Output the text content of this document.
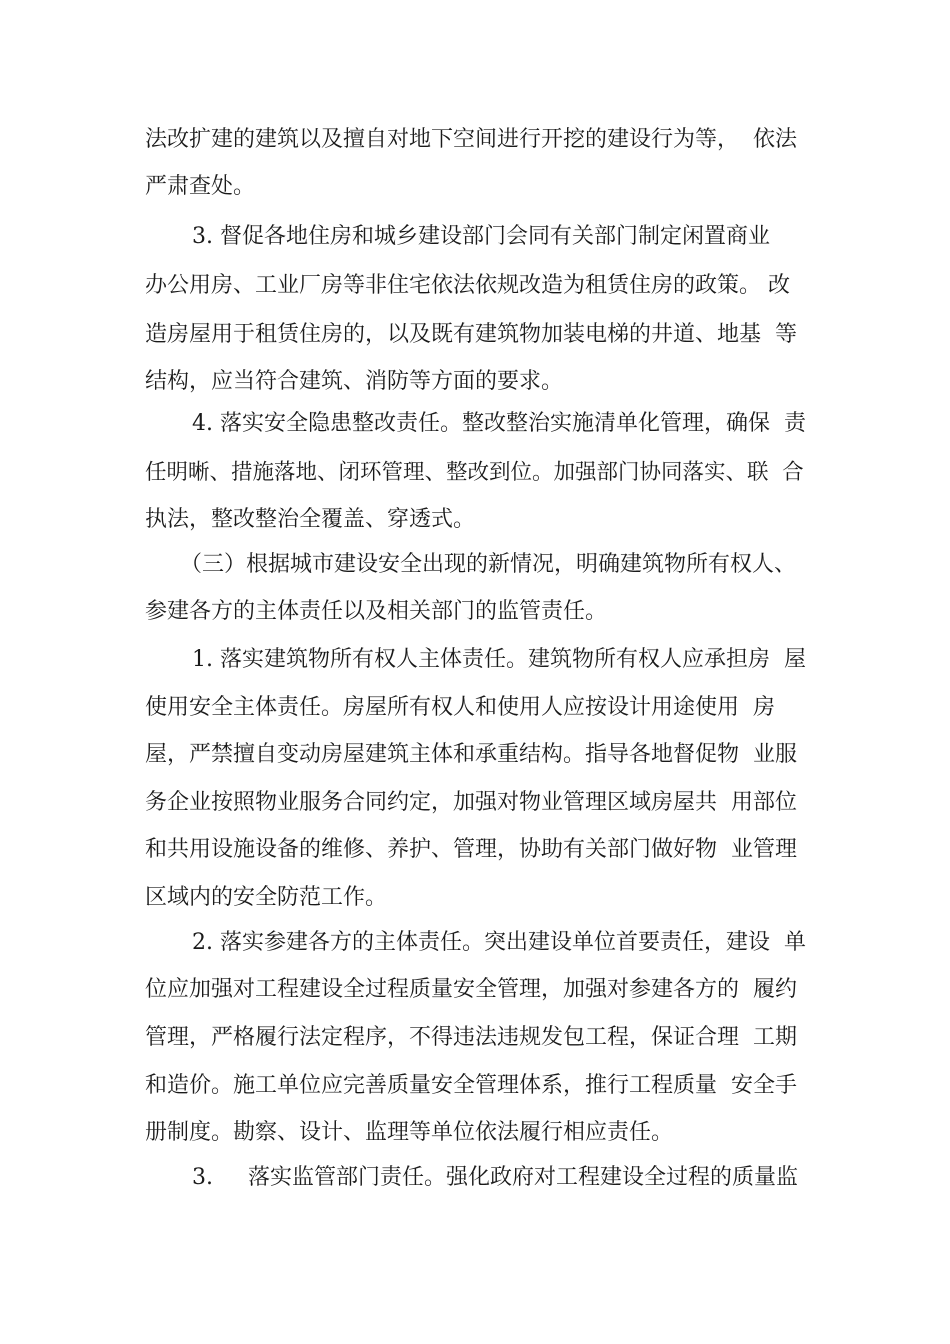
法改扩建的建筑以及擅自对地下空间进行开挖的建设行为等，  依法
严肃查处。
3. 督促各地住房和城乡建设部门会同有关部门制定闲置商业
办公用房、工业厂房等非住宅依法依规改造为租赁住房的政策。 改
造房屋用于租赁住房的，以及既有建筑物加装电梯的井道、地基  等
结构，应当符合建筑、消防等方面的要求。
4. 落实安全隐患整改责任。整改整治实施清单化管理，确保  责
任明晰、措施落地、闭环管理、整改到位。加强部门协同落实、联  合
执法，整改整治全覆盖、穿透式。
（三）根据城市建设安全出现的新情况，明确建筑物所有权人、
参建各方的主体责任以及相关部门的监管责任。
1. 落实建筑物所有权人主体责任。建筑物所有权人应承担房  屋
使用安全主体责任。房屋所有权人和使用人应按设计用途使用  房
屋，严禁擅自变动房屋建筑主体和承重结构。指导各地督促物  业服
务企业按照物业服务合同约定，加强对物业管理区域房屋共  用部位
和共用设施设备的维修、养护、管理，协助有关部门做好物  业管理
区域内的安全防范工作。
2. 落实参建各方的主体责任。突出建设单位首要责任，建设  单
位应加强对工程建设全过程质量安全管理，加强对参建各方的  履约
管理，严格履行法定程序，不得违法违规发包工程，保证合理  工期
和造价。施工单位应完善质量安全管理体系，推行工程质量  安全手
册制度。勘察、设计、监理等单位依法履行相应责任。
3.     落实监管部门责任。强化政府对工程建设全过程的质量监
